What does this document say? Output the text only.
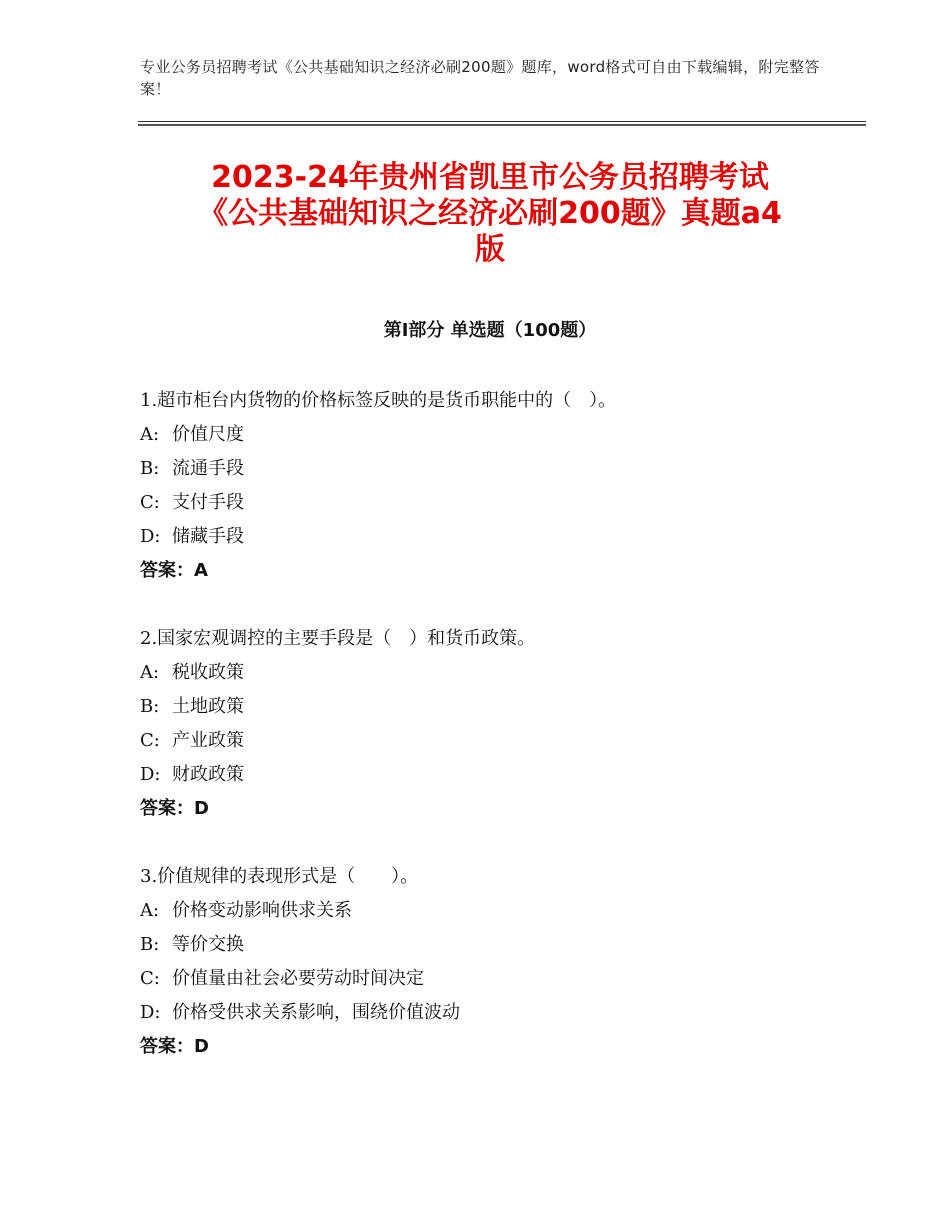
专业公务员招聘考试《公共基础知识之经济必刷200题》题库，word格式可自由下载编辑，附完整答案！
2023-24年贵州省凯里市公务员招聘考试
《公共基础知识之经济必刷200题》真题a4
版
第Ⅰ部分 单选题（100题）
1.超市柜台内货物的价格标签反映的是货币职能中的（　）。
A: 价值尺度
B: 流通手段
C: 支付手段
D: 储藏手段
答案：A
2.国家宏观调控的主要手段是（　）和货币政策。
A: 税收政策
B: 土地政策
C: 产业政策
D: 财政政策
答案：D
3.价值规律的表现形式是（　　）。
A: 价格变动影响供求关系
B: 等价交换
C: 价值量由社会必要劳动时间决定
D: 价格受供求关系影响，围绕价值波动
答案：D
